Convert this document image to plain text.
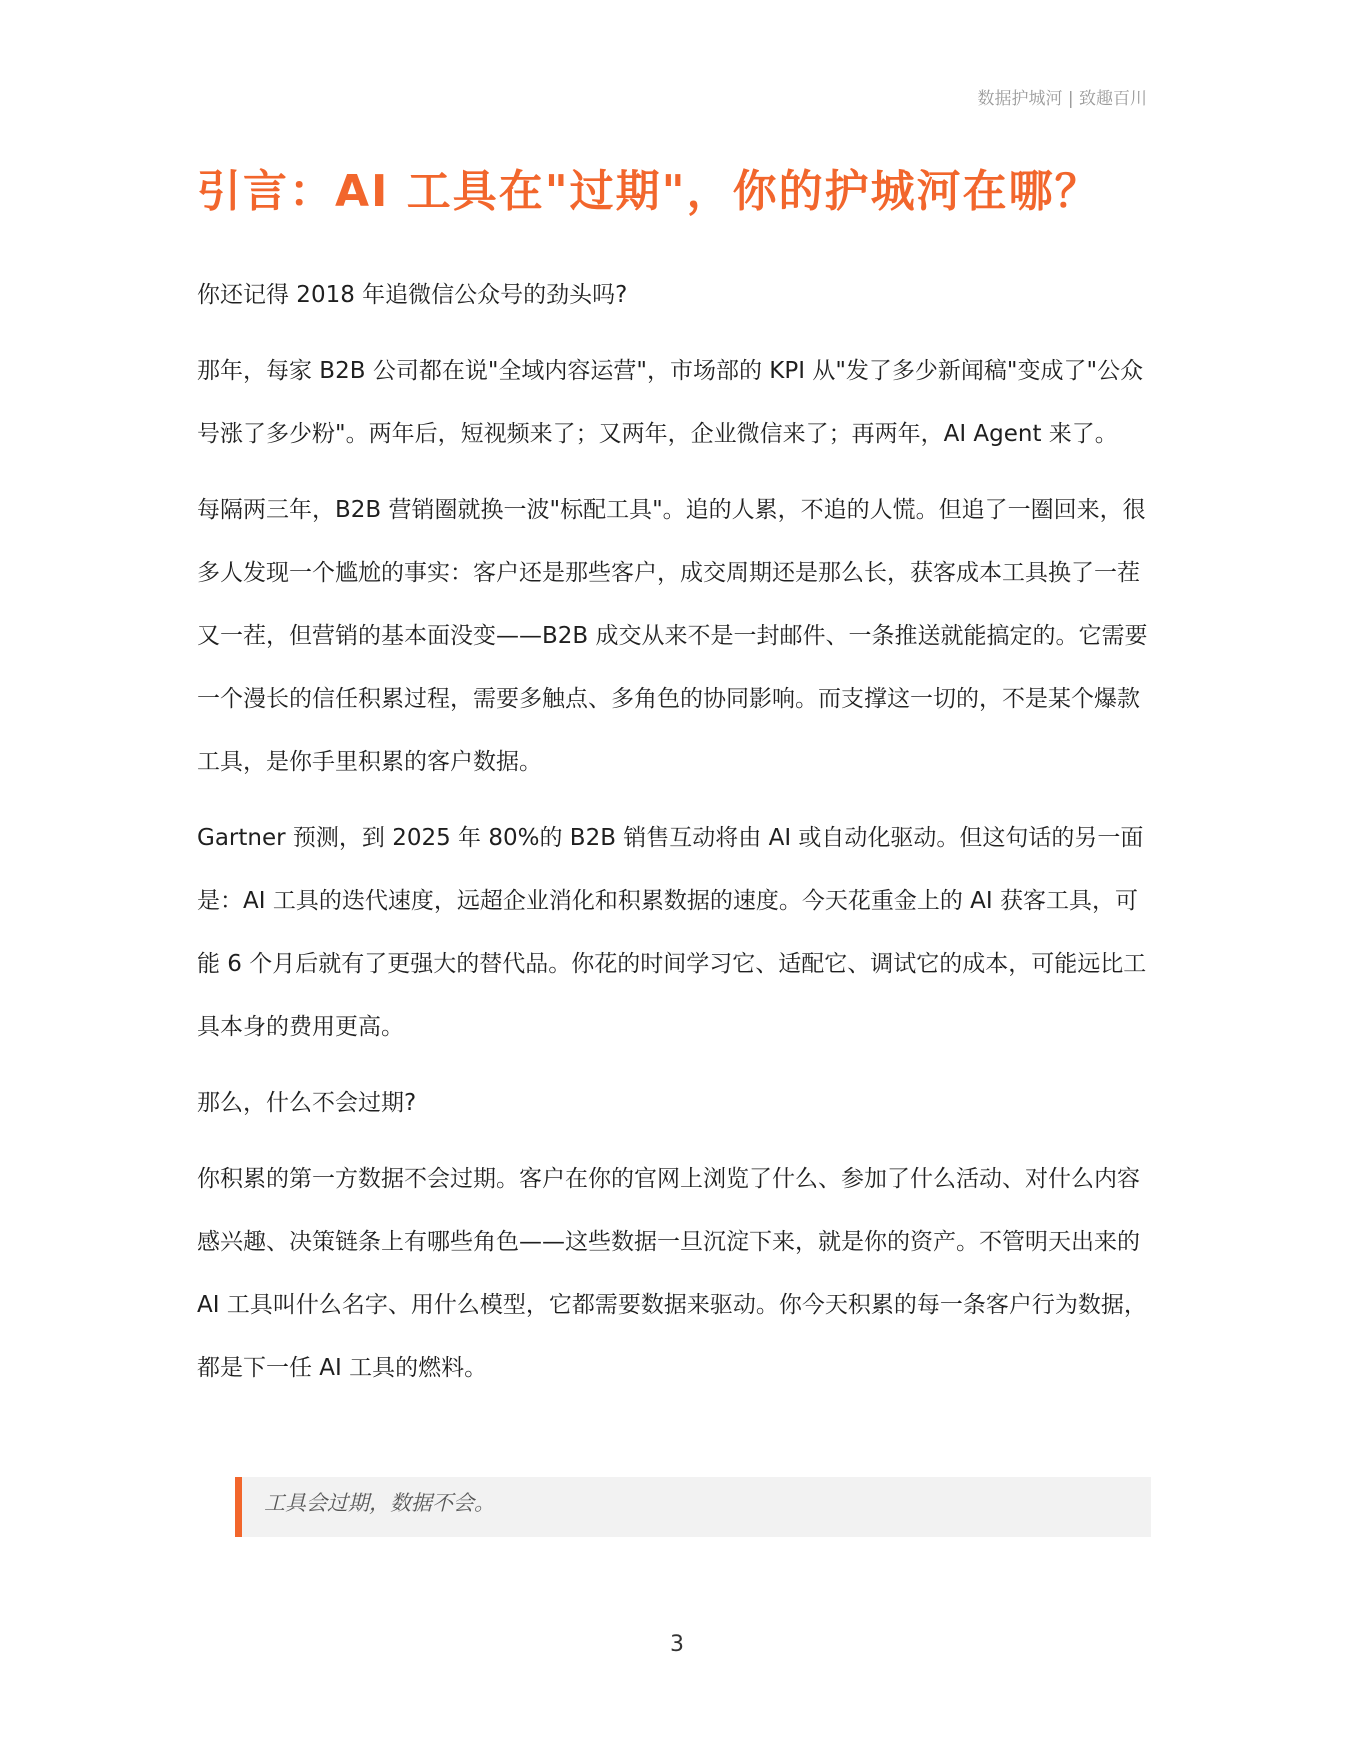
数据护城河 | 致趣百川
引言：AI 工具在"过期"，你的护城河在哪？

你还记得 2018 年追微信公众号的劲头吗?

那年，每家 B2B 公司都在说"全域内容运营"，市场部的 KPI 从"发了多少新闻稿"变成了"公众号涨了多少粉"。两年后，短视频来了；又两年，企业微信来了；再两年，AI Agent 来了。

每隔两三年，B2B 营销圈就换一波"标配工具"。追的人累，不追的人慌。但追了一圈回来，很多人发现一个尴尬的事实：客户还是那些客户，成交周期还是那么长，获客成本工具换了一茬又一茬，但营销的基本面没变——B2B 成交从来不是一封邮件、一条推送就能搞定的。它需要一个漫长的信任积累过程，需要多触点、多角色的协同影响。而支撑这一切的，不是某个爆款工具，是你手里积累的客户数据。

Gartner 预测，到 2025 年 80%的 B2B 销售互动将由 AI 或自动化驱动。但这句话的另一面是：AI 工具的迭代速度，远超企业消化和积累数据的速度。今天花重金上的 AI 获客工具，可能 6 个月后就有了更强大的替代品。你花的时间学习它、适配它、调试它的成本，可能远比工具本身的费用更高。

那么，什么不会过期?

你积累的第一方数据不会过期。客户在你的官网上浏览了什么、参加了什么活动、对什么内容感兴趣、决策链条上有哪些角色——这些数据一旦沉淀下来，就是你的资产。不管明天出来的 AI 工具叫什么名字、用什么模型，它都需要数据来驱动。你今天积累的每一条客户行为数据，都是下一任 AI 工具的燃料。

工具会过期，数据不会。
3
